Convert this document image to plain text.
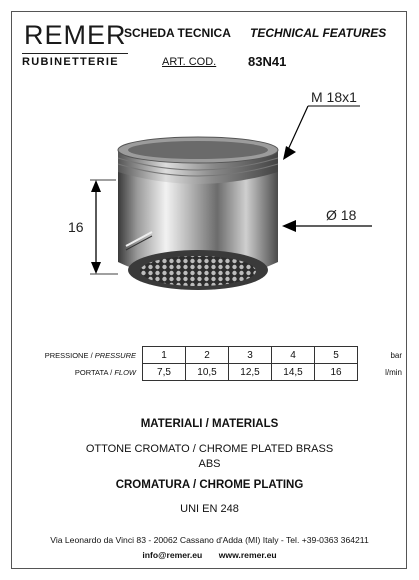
REMER
RUBINETTERIE
SCHEDA TECNICA TECHNICAL FEATURES
ART. COD. 83N41
16
Ø 18
M 18x1
PRESSIONE / PRESSURE	1	2	3	4	5	bar
PORTATA / FLOW	7,5	10,5	12,5	14,5	16	l/min
MATERIALI / MATERIALS
OTTONE CROMATO / CHROME PLATED BRASS
ABS
CROMATURA / CHROME PLATING
UNI EN 248
Via Leonardo da Vinci 83 - 20062 Cassano d'Adda (MI) Italy - Tel. +39-0363 364211
info@remer.eu www.remer.eu
